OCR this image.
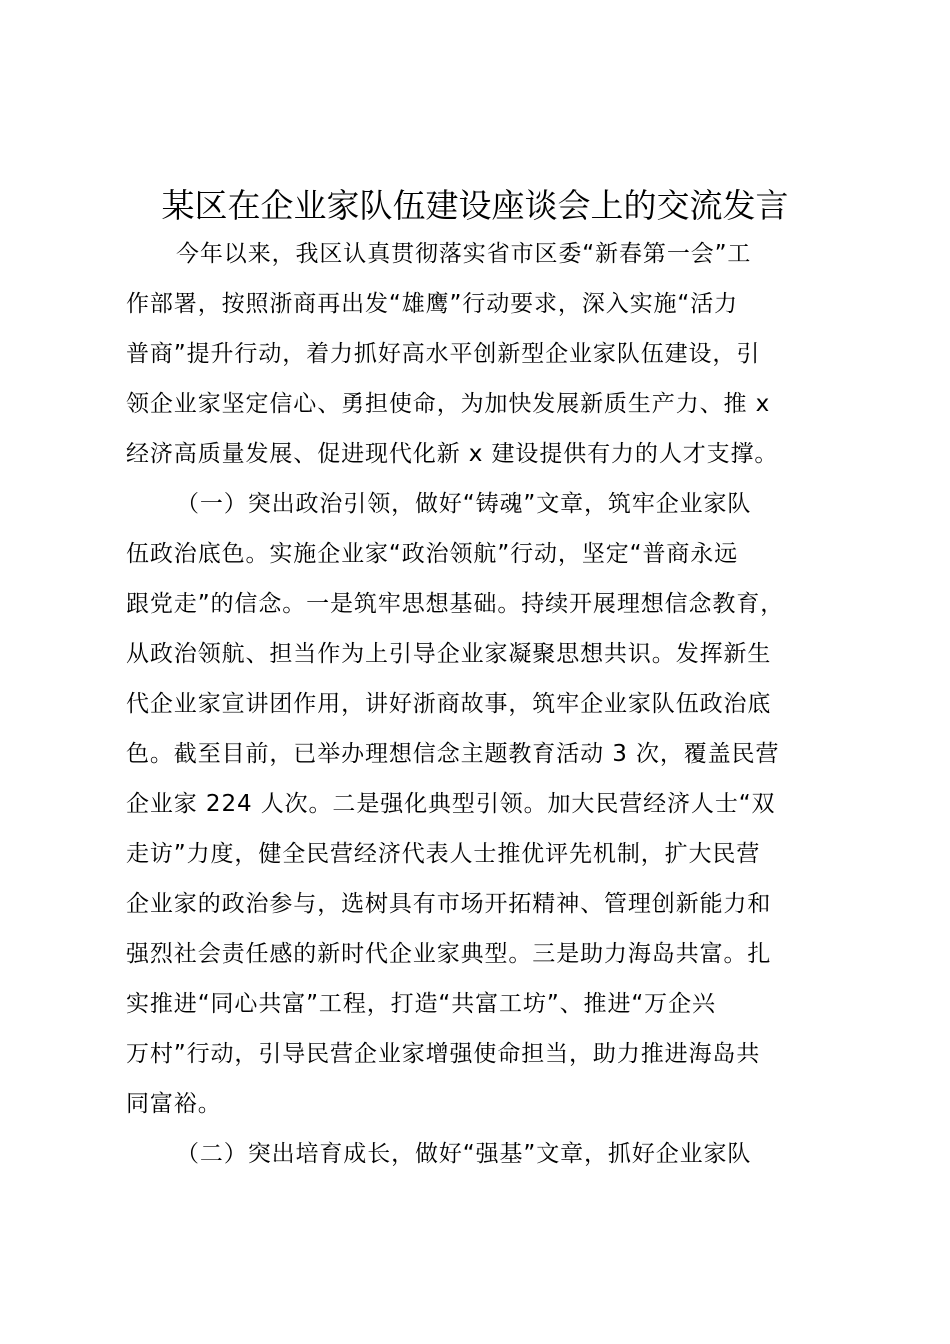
某区在企业家队伍建设座谈会上的交流发言
今年以来，我区认真贯彻落实省市区委“新春第一会”工
作部署，按照浙商再出发“雄鹰”行动要求，深入实施“活力
普商”提升行动，着力抓好高水平创新型企业家队伍建设，引
领企业家坚定信心、勇担使命，为加快发展新质生产力、推 x
经济高质量发展、促进现代化新 x 建设提供有力的人才支撑。
（一）突出政治引领，做好“铸魂”文章，筑牢企业家队
伍政治底色。实施企业家“政治领航”行动，坚定“普商永远
跟党走”的信念。一是筑牢思想基础。持续开展理想信念教育，
从政治领航、担当作为上引导企业家凝聚思想共识。发挥新生
代企业家宣讲团作用，讲好浙商故事，筑牢企业家队伍政治底
色。截至目前，已举办理想信念主题教育活动 3 次，覆盖民营
企业家 224 人次。二是强化典型引领。加大民营经济人士“双
走访”力度，健全民营经济代表人士推优评先机制，扩大民营
企业家的政治参与，选树具有市场开拓精神、管理创新能力和
强烈社会责任感的新时代企业家典型。三是助力海岛共富。扎
实推进“同心共富”工程，打造“共富工坊”、推进“万企兴
万村”行动，引导民营企业家增强使命担当，助力推进海岛共
同富裕。
（二）突出培育成长，做好“强基”文章，抓好企业家队
